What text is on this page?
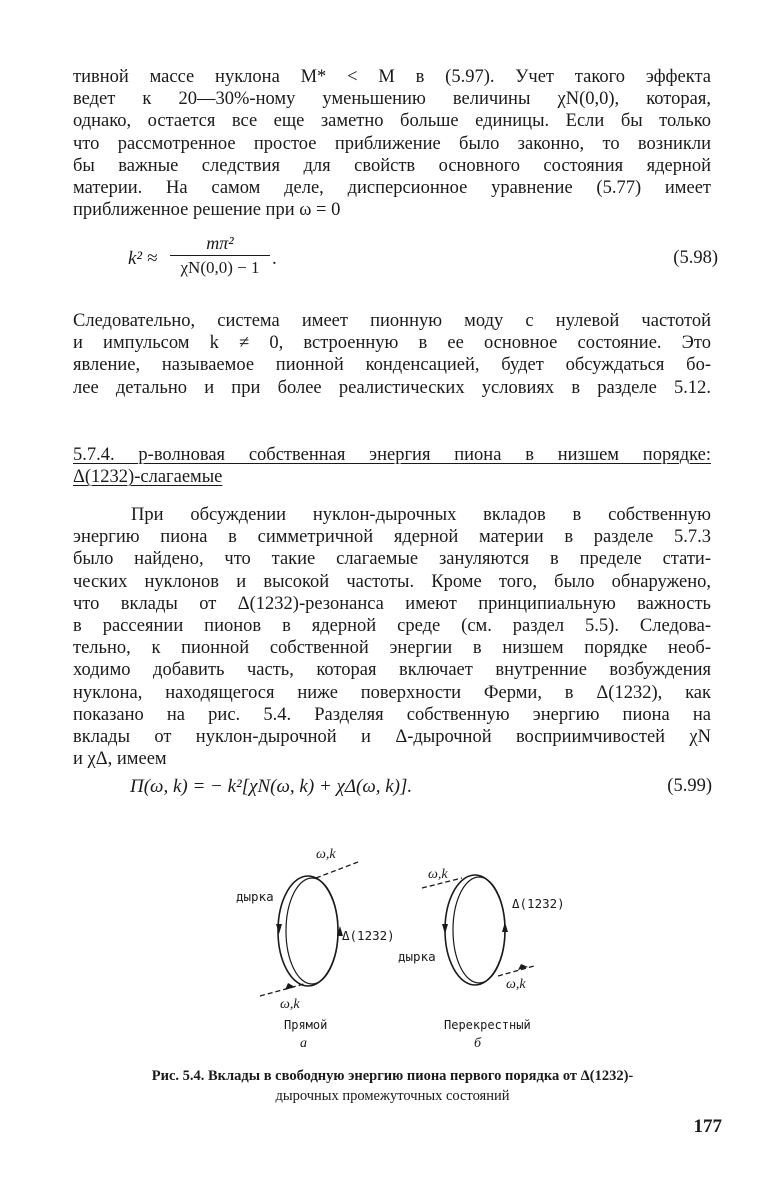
тивной массе нуклона M* < M в (5.97). Учет такого эффекта
ведет к 20—30%-ному уменьшению величины χN(0,0), которая,
однако, остается все еще заметно больше единицы. Если бы только
что рассмотренное простое приближение было законно, то возникли
бы важные следствия для свойств основного состояния ядерной
материи. На самом деле, дисперсионное уравнение (5.77) имеет
приближенное решение при ω = 0
k² ≈
mπ²
χN(0,0) − 1 .	(5.98)
Следовательно, система имеет пионную моду с нулевой частотой
и импульсом k ≠ 0, встроенную в ее основное состояние. Это
явление, называемое пионной конденсацией, будет обсуждаться бо-
лее детально и при более реалистических условиях в разделе 5.12.
5.7.4. p-волновая собственная энергия пиона в низшем порядке:
Δ(1232)-слагаемые
При обсуждении нуклон-дырочных вкладов в собственную
энергию пиона в симметричной ядерной материи в разделе 5.7.3
было найдено, что такие слагаемые зануляются в пределе стати-
ческих нуклонов и высокой частоты. Кроме того, было обнаружено,
что вклады от Δ(1232)-резонанса имеют принципиальную важность
в рассеянии пионов в ядерной среде (см. раздел 5.5). Следова-
тельно, к пионной собственной энергии в низшем порядке необ-
ходимо добавить часть, которая включает внутренние возбуждения
нуклона, находящегося ниже поверхности Ферми, в Δ(1232), как
показано на рис. 5.4. Разделяя собственную энергию пиона на
вклады от нуклон-дырочной и Δ-дырочной восприимчивостей χN
и χΔ, имеем
Π(ω, k) = − k²[χN(ω, k) + χΔ(ω, k)].	(5.99)
ω,k
дырка
Δ(1232)
ω,k
Прямой
а
ω,k
Δ(1232)
дырка
ω,k
Перекрестный
б
Рис. 5.4. Вклады в свободную энергию пиона первого порядка от Δ(1232)-
дырочных промежуточных состояний
177
